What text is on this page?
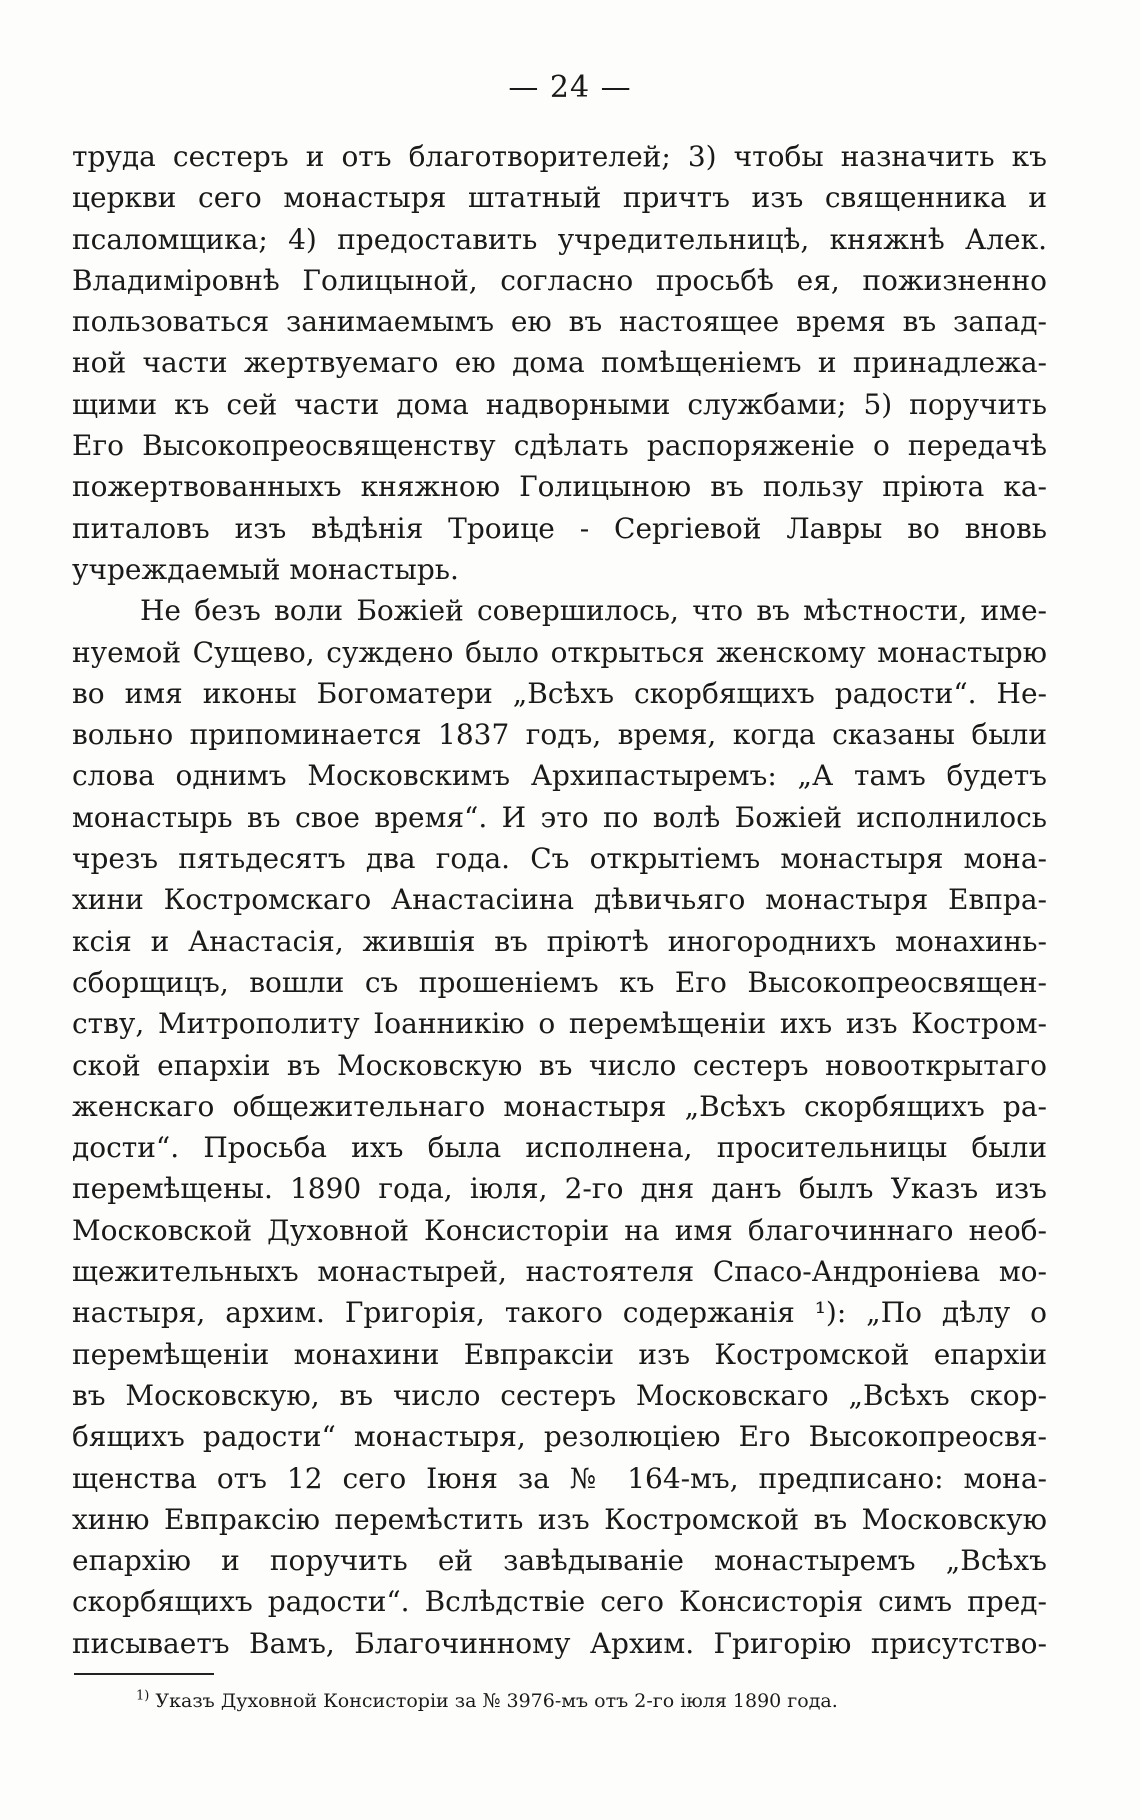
— 24 —
труда сестеръ и отъ благотворителей; 3) чтобы назначить къ
церкви сего монастыря штатный причтъ изъ священника и
псаломщика; 4) предоставить учредительницѣ, княжнѣ Алек.
Владиміровнѣ Голицыной, согласно просьбѣ ея, пожизненно
пользоваться занимаемымъ ею въ настоящее время въ запад-
ной части жертвуемаго ею дома помѣщеніемъ и принадлежа-
щими къ сей части дома надворными службами; 5) поручить
Его Высокопреосвященству сдѣлать распоряженіе о передачѣ
пожертвованныхъ княжною Голицыною въ пользу пріюта ка-
питаловъ изъ вѣдѣнія Троице - Сергіевой Лавры во вновь
учреждаемый монастырь.
Не безъ воли Божіей совершилось, что въ мѣстности, име-
нуемой Сущево, суждено было открыться женскому монастырю
во имя иконы Богоматери „Всѣхъ скорбящихъ радости“. Не-
вольно припоминается 1837 годъ, время, когда сказаны были
слова однимъ Московскимъ Архипастыремъ: „А тамъ будетъ
монастырь въ свое время“. И это по волѣ Божіей исполнилось
чрезъ пятьдесятъ два года. Съ открытіемъ монастыря мона-
хини Костромскаго Анастасіина дѣвичьяго монастыря Евпра-
ксія и Анастасія, жившія въ пріютѣ иногороднихъ монахинь-
сборщицъ, вошли съ прошеніемъ къ Его Высокопреосвящен-
ству, Митрополиту Іоанникію о перемѣщеніи ихъ изъ Костром-
ской епархіи въ Московскую въ число сестеръ новооткрытаго
женскаго общежительнаго монастыря „Всѣхъ скорбящихъ ра-
дости“. Просьба ихъ была исполнена, просительницы были
перемѣщены. 1890 года, іюля, 2-го дня данъ былъ Указъ изъ
Московской Духовной Консисторіи на имя благочиннаго необ-
щежительныхъ монастырей, настоятеля Спасо-Андроніева мо-
настыря, архим. Григорія, такого содержанія ¹): „По дѣлу о
перемѣщеніи монахини Евпраксіи изъ Костромской епархіи
въ Московскую, въ число сестеръ Московскаго „Всѣхъ скор-
бящихъ радости“ монастыря, резолюціею Его Высокопреосвя-
щенства отъ 12 сего Іюня за № 164-мъ, предписано: мона-
хиню Евпраксію перемѣстить изъ Костромской въ Московскую
епархію и поручить ей завѣдываніе монастыремъ „Всѣхъ
скорбящихъ радости“. Вслѣдствіе сего Консисторія симъ пред-
писываетъ Вамъ, Благочинному Архим. Григорію присутство-
$^{1)}$ Указъ Духовной Консисторіи за № 3976-мъ отъ 2-го іюля 1890 года.
